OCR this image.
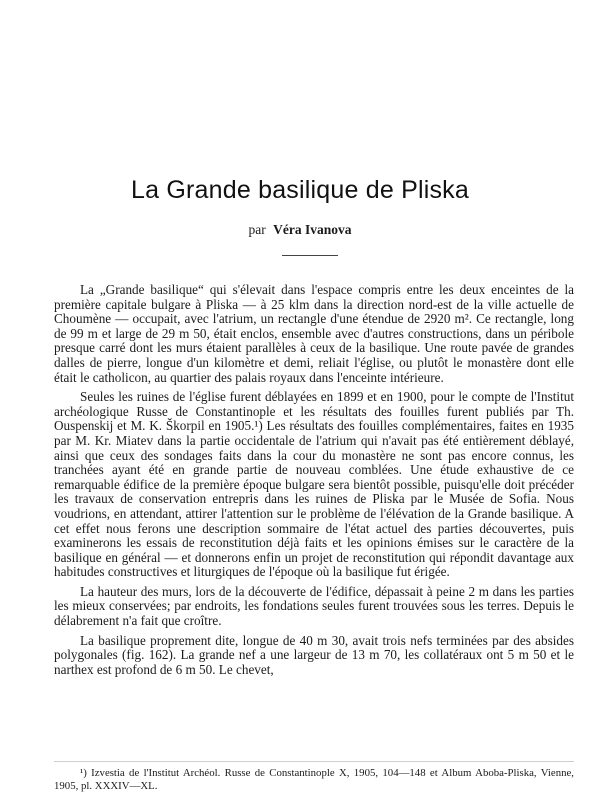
La Grande basilique de Pliska
par Véra Ivanova

La „Grande basilique“ qui s'élevait dans l'espace compris entre les deux enceintes de la première capitale bulgare à Pliska — à 25 klm dans la direction nord-est de la ville actuelle de Choumène — occupait, avec l'atrium, un rectangle d'une étendue de 2920 m². Ce rectangle, long de 99 m et large de 29 m 50, était enclos, ensemble avec d'autres constructions, dans un péribole presque carré dont les murs étaient parallèles à ceux de la basilique. Une route pavée de grandes dalles de pierre, longue d'un kilomètre et demi, reliait l'église, ou plutôt le monastère dont elle était le catholicon, au quartier des palais royaux dans l'enceinte intérieure.

Seules les ruines de l'église furent déblayées en 1899 et en 1900, pour le compte de l'Institut archéologique Russe de Constantinople et les résultats des fouilles furent publiés par Th. Ouspenskij et M. K. Škorpil en 1905.¹) Les résultats des fouilles complémentaires, faites en 1935 par M. Kr. Miatev dans la partie occidentale de l'atrium qui n'avait pas été entièrement déblayé, ainsi que ceux des sondages faits dans la cour du monastère ne sont pas encore connus, les tranchées ayant été en grande partie de nouveau comblées. Une étude exhaustive de ce remarquable édifice de la première époque bulgare sera bientôt possible, puisqu'elle doit précéder les travaux de conservation entrepris dans les ruines de Pliska par le Musée de Sofia. Nous voudrions, en attendant, attirer l'attention sur le problème de l'élévation de la Grande basilique. A cet effet nous ferons une description sommaire de l'état actuel des parties découvertes, puis examinerons les essais de reconstitution déjà faits et les opinions émises sur le caractère de la basilique en général — et donnerons enfin un projet de reconstitution qui répondit davantage aux habitudes constructives et liturgiques de l'époque où la basilique fut érigée.

La hauteur des murs, lors de la découverte de l'édifice, dépassait à peine 2 m dans les parties les mieux conservées; par endroits, les fondations seules furent trouvées sous les terres. Depuis le délabrement n'a fait que croître.

La basilique proprement dite, longue de 40 m 30, avait trois nefs terminées par des absides polygonales (fig. 162). La grande nef a une largeur de 13 m 70, les collatéraux ont 5 m 50 et le narthex est profond de 6 m 50. Le chevet,

¹) Izvestia de l'Institut Archéol. Russe de Constantinople X, 1905, 104—148 et Album Aboba-Pliska, Vienne, 1905, pl. XXXIV—XL.
